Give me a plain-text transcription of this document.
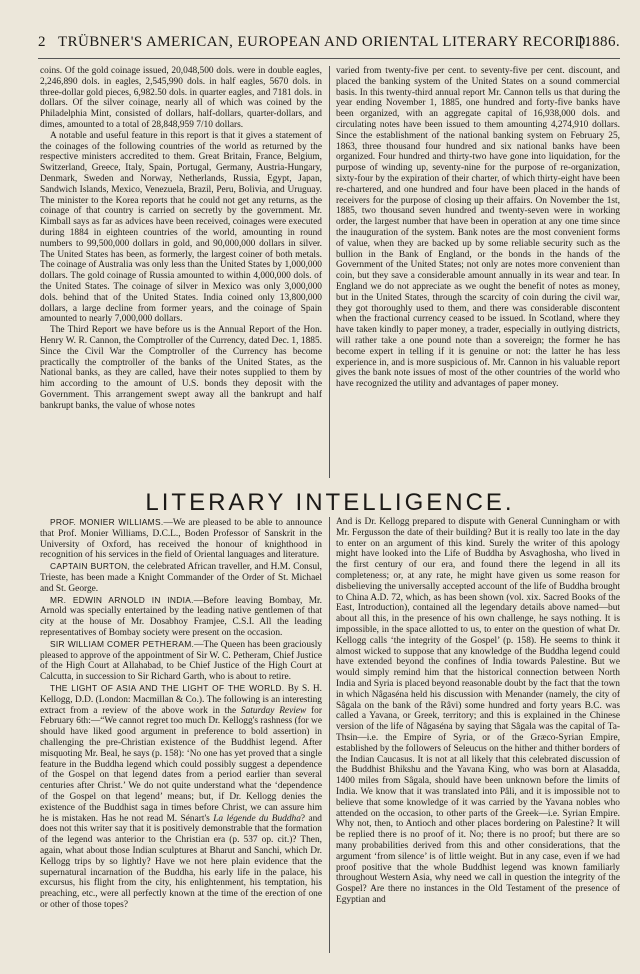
2 TRÜBNER'S AMERICAN, EUROPEAN AND ORIENTAL LITERARY RECORD.
[1886.

coins. Of the gold coinage issued, 20,048,500 dols. were in double eagles, 2,246,890 dols. in eagles, 2,545,990 dols. in half eagles, 5670 dols. in three-dollar gold pieces, 6,982.50 dols. in quarter eagles, and 7181 dols. in dollars. Of the silver coinage, nearly all of which was coined by the Philadelphia Mint, consisted of dollars, half-dollars, quarter-dollars, and dimes, amounted to a total of 28,848,959 7/10 dollars.

A notable and useful feature in this report is that it gives a statement of the coinages of the following countries of the world as returned by the respective ministers accredited to them. Great Britain, France, Belgium, Switzerland, Greece, Italy, Spain, Portugal, Germany, Austria-Hungary, Denmark, Sweden and Norway, Netherlands, Russia, Egypt, Japan, Sandwich Islands, Mexico, Venezuela, Brazil, Peru, Bolivia, and Uruguay. The minister to the Korea reports that he could not get any returns, as the coinage of that country is carried on secretly by the government. Mr. Kimball says as far as advices have been received, coinages were executed during 1884 in eighteen countries of the world, amounting in round numbers to 99,500,000 dollars in gold, and 90,000,000 dollars in silver. The United States has been, as formerly, the largest coiner of both metals. The coinage of Australia was only less than the United States by 1,000,000 dollars. The gold coinage of Russia amounted to within 4,000,000 dols. of the United States. The coinage of silver in Mexico was only 3,000,000 dols. behind that of the United States. India coined only 13,800,000 dollars, a large decline from former years, and the coinage of Spain amounted to nearly 7,000,000 dollars.

The Third Report we have before us is the Annual Report of the Hon. Henry W. R. Cannon, the Comptroller of the Currency, dated Dec. 1, 1885. Since the Civil War the Comptroller of the Currency has become practically the comptroller of the banks of the United States, as the National banks, as they are called, have their notes supplied to them by him according to the amount of U.S. bonds they deposit with the Government. This arrangement swept away all the bankrupt and half bankrupt banks, the value of whose notes

varied from twenty-five per cent. to seventy-five per cent. discount, and placed the banking system of the United States on a sound commercial basis. In this twenty-third annual report Mr. Cannon tells us that during the year ending November 1, 1885, one hundred and forty-five banks have been organized, with an aggregate capital of 16,938,000 dols. and circulating notes have been issued to them amounting 4,274,910 dollars. Since the establishment of the national banking system on February 25, 1863, three thousand four hundred and six national banks have been organized. Four hundred and thirty-two have gone into liquidation, for the purpose of winding up, seventy-nine for the purpose of re-organization, sixty-four by the expiration of their charter, of which thirty-eight have been re-chartered, and one hundred and four have been placed in the hands of receivers for the purpose of closing up their affairs. On November the 1st, 1885, two thousand seven hundred and twenty-seven were in working order, the largest number that have been in operation at any one time since the inauguration of the system. Bank notes are the most convenient forms of value, when they are backed up by some reliable security such as the bullion in the Bank of England, or the bonds in the hands of the Government of the United States; not only are notes more convenient than coin, but they save a considerable amount annually in its wear and tear. In England we do not appreciate as we ought the benefit of notes as money, but in the United States, through the scarcity of coin during the civil war, they got thoroughly used to them, and there was considerable discontent when the fractional currency ceased to be issued. In Scotland, where they have taken kindly to paper money, a trader, especially in outlying districts, will rather take a one pound note than a sovereign; the former he has become expert in telling if it is genuine or not: the latter he has less experience in, and is more suspicious of. Mr. Cannon in his valuable report gives the bank note issues of most of the other countries of the world who have recognized the utility and advantages of paper money.

LITERARY INTELLIGENCE.

PROF. MONIER WILLIAMS.—We are pleased to be able to announce that Prof. Monier Williams, D.C.L., Boden Professor of Sanskrit in the University of Oxford, has received the honour of knighthood in recognition of his services in the field of Oriental languages and literature.

CAPTAIN BURTON, the celebrated African traveller, and H.M. Consul, Trieste, has been made a Knight Commander of the Order of St. Michael and St. George.

MR. EDWIN ARNOLD IN INDIA.—Before leaving Bombay, Mr. Arnold was specially entertained by the leading native gentlemen of that city at the house of Mr. Dosabhoy Framjee, C.S.I. All the leading representatives of Bombay society were present on the occasion.

SIR WILLIAM COMER PETHERAM.—The Queen has been graciously pleased to approve of the appointment of Sir W. C. Petheram, Chief Justice of the High Court at Allahabad, to be Chief Justice of the High Court at Calcutta, in succession to Sir Richard Garth, who is about to retire.

THE LIGHT OF ASIA AND THE LIGHT OF THE WORLD. By S. H. Kellogg, D.D. (London: Macmillan & Co.). The following is an interesting extract from a review of the above work in the Saturday Review for February 6th:—“We cannot regret too much Dr. Kellogg's rashness (for we should have liked good argument in preference to bold assertion) in challenging the pre-Christian existence of the Buddhist legend. After misquoting Mr. Beal, he says (p. 158): ‘No one has yet proved that a single feature in the Buddha legend which could possibly suggest a dependence of the Gospel on that legend dates from a period earlier than several centuries after Christ.’ We do not quite understand what the ‘dependence of the Gospel on that legend’ means; but, if Dr. Kellogg denies the existence of the Buddhist saga in times before Christ, we can assure him he is mistaken. Has he not read M. Sénart's La légende du Buddha? and does not this writer say that it is positively demonstrable that the formation of the legend was anterior to the Christian era (p. 537 op. cit.)? Then, again, what about those Indian sculptures at Bharut and Sanchi, which Dr. Kellogg trips by so lightly? Have we not here plain evidence that the supernatural incarnation of the Buddha, his early life in the palace, his excursus, his flight from the city, his enlightenment, his temptation, his preaching, etc., were all perfectly known at the time of the erection of one or other of those topes?

And is Dr. Kellogg prepared to dispute with General Cunningham or with Mr. Fergusson the date of their building? But it is really too late in the day to enter on an argument of this kind. Surely the writer of this apology might have looked into the Life of Buddha by Asvaghosha, who lived in the first century of our era, and found there the legend in all its completeness; or, at any rate, he might have given us some reason for disbelieving the universally accepted account of the life of Buddha brought to China A.D. 72, which, as has been shown (vol. xix. Sacred Books of the East, Introduction), contained all the legendary details above named—but about all this, in the presence of his own challenge, he says nothing. It is impossible, in the space allotted to us, to enter on the question of what Dr. Kellogg calls ‘the integrity of the Gospel’ (p. 158). He seems to think it almost wicked to suppose that any knowledge of the Buddha legend could have extended beyond the confines of India towards Palestine. But we would simply remind him that the historical connection between North India and Syria is placed beyond reasonable doubt by the fact that the town in which Nâgaséna held his discussion with Menander (namely, the city of Sâgala on the bank of the Râvi) some hundred and forty years B.C. was called a Yavana, or Greek, territory; and this is explained in the Chinese version of the life of Nâgaséna by saying that Sâgala was the capital of Ta-Thsin—i.e. the Empire of Syria, or of the Græco-Syrian Empire, established by the followers of Seleucus on the hither and thither borders of the Indian Caucasus. It is not at all likely that this celebrated discussion of the Buddhist Bhikshu and the Yavana King, who was born at Alasadda, 1400 miles from Sâgala, should have been unknown before the limits of India. We know that it was translated into Pâli, and it is impossible not to believe that some knowledge of it was carried by the Yavana nobles who attended on the occasion, to other parts of the Greek—i.e. Syrian Empire. Why not, then, to Antioch and other places bordering on Palestine? It will be replied there is no proof of it. No; there is no proof; but there are so many probabilities derived from this and other considerations, that the argument ‘from silence’ is of little weight. But in any case, even if we had proof positive that the whole Buddhist legend was known familiarly throughout Western Asia, why need we call in question the integrity of the Gospel? Are there no instances in the Old Testament of the presence of Egyptian and
